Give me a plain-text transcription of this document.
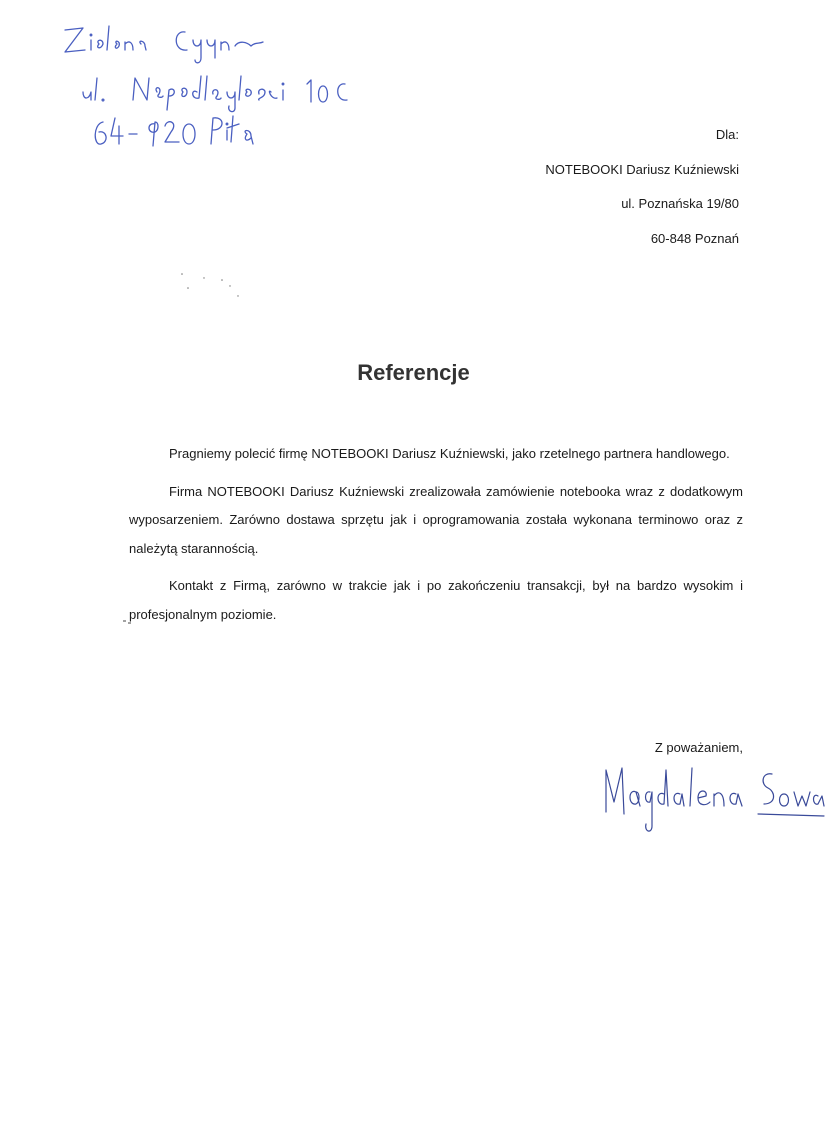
Dla:
NOTEBOOKI Dariusz Kuźniewski
ul. Poznańska 19/80
60-848 Poznań
Referencje

Pragniemy polecić firmę NOTEBOOKI Dariusz Kuźniewski, jako rzetelnego partnera handlowego.

Firma NOTEBOOKI Dariusz Kuźniewski zrealizowała zamówienie notebooka wraz z dodatkowym wyposarzeniem. Zarówno dostawa sprzętu jak i oprogramowania została wykonana terminowo oraz z należytą starannością.

Kontakt z Firmą, zarówno w trakcie jak i po zakończeniu transakcji, był na bardzo wysokim i profesjonalnym poziomie.

Z poważaniem,
